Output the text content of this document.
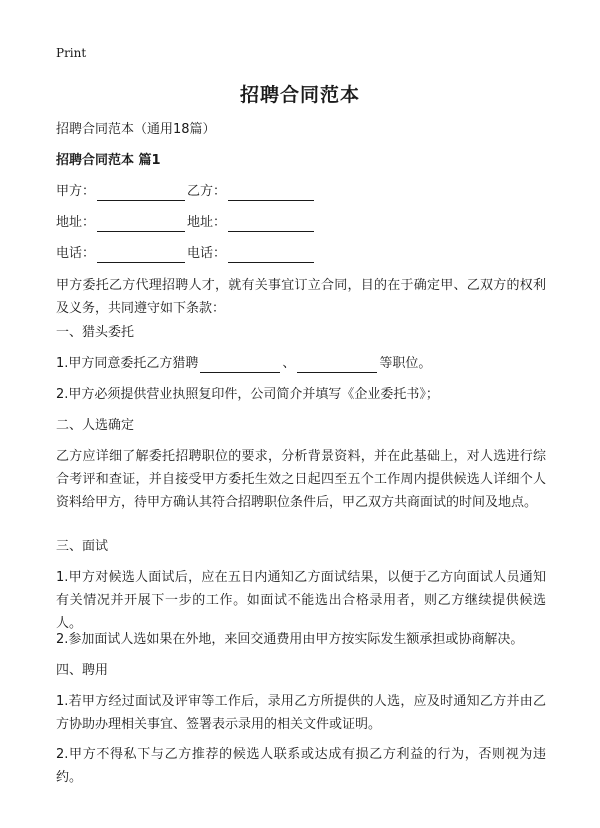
Print
招聘合同范本
招聘合同范本（通用18篇）
招聘合同范本 篇1
甲方：	乙方：
地址：	地址：
电话：	电话：
甲方委托乙方代理招聘人才，就有关事宜订立合同，目的在于确定甲、乙双方的权利及义务，共同遵守如下条款：
一、猎头委托
1.甲方同意委托乙方猎聘	、	等职位。
2.甲方必须提供营业执照复印件，公司简介并填写《企业委托书》；
二、人选确定
乙方应详细了解委托招聘职位的要求，分析背景资料，并在此基础上，对人选进行综合考评和查证，并自接受甲方委托生效之日起四至五个工作周内提供候选人详细个人资料给甲方，待甲方确认其符合招聘职位条件后，甲乙双方共商面试的时间及地点。
三、面试
1.甲方对候选人面试后，应在五日内通知乙方面试结果，以便于乙方向面试人员通知有关情况并开展下一步的工作。如面试不能选出合格录用者，则乙方继续提供候选人。
2.参加面试人选如果在外地，来回交通费用由甲方按实际发生额承担或协商解决。
四、聘用
1.若甲方经过面试及评审等工作后，录用乙方所提供的人选，应及时通知乙方并由乙方协助办理相关事宜、签署表示录用的相关文件或证明。
2.甲方不得私下与乙方推荐的候选人联系或达成有损乙方利益的行为，否则视为违约。
